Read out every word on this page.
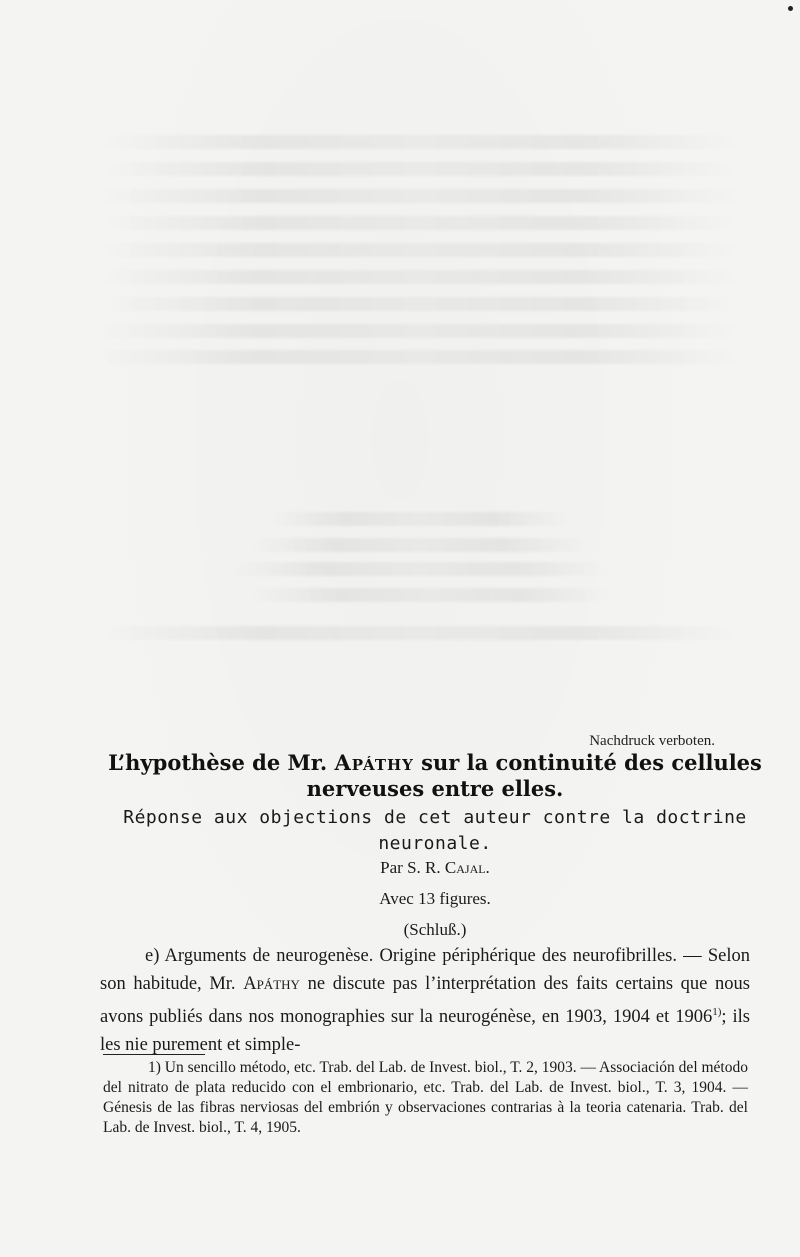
Nachdruck verboten.
L’hypothèse de Mr. Apáthy sur la continuité des cellules nerveuses entre elles.
Réponse aux objections de cet auteur contre la doctrine neuronale.
Par S. R. Cajal.
Avec 13 figures.
(Schluß.)

e) Arguments de neurogenèse. Origine périphérique des neurofibrilles. — Selon son habitude, Mr. Apáthy ne discute pas l’interprétation des faits certains que nous avons publiés dans nos monographies sur la neurogénèse, en 1903, 1904 et 1906$^{1)}$; ils les nie purement et simple-

1) Un sencillo método, etc. Trab. del Lab. de Invest. biol., T. 2, 1903. — Associación del método del nitrato de plata reducido con el embrionario, etc. Trab. del Lab. de Invest. biol., T. 3, 1904. — Génesis de las fibras nerviosas del embrión y observaciones contrarias à la teoria catenaria. Trab. del Lab. de Invest. biol., T. 4, 1905.
